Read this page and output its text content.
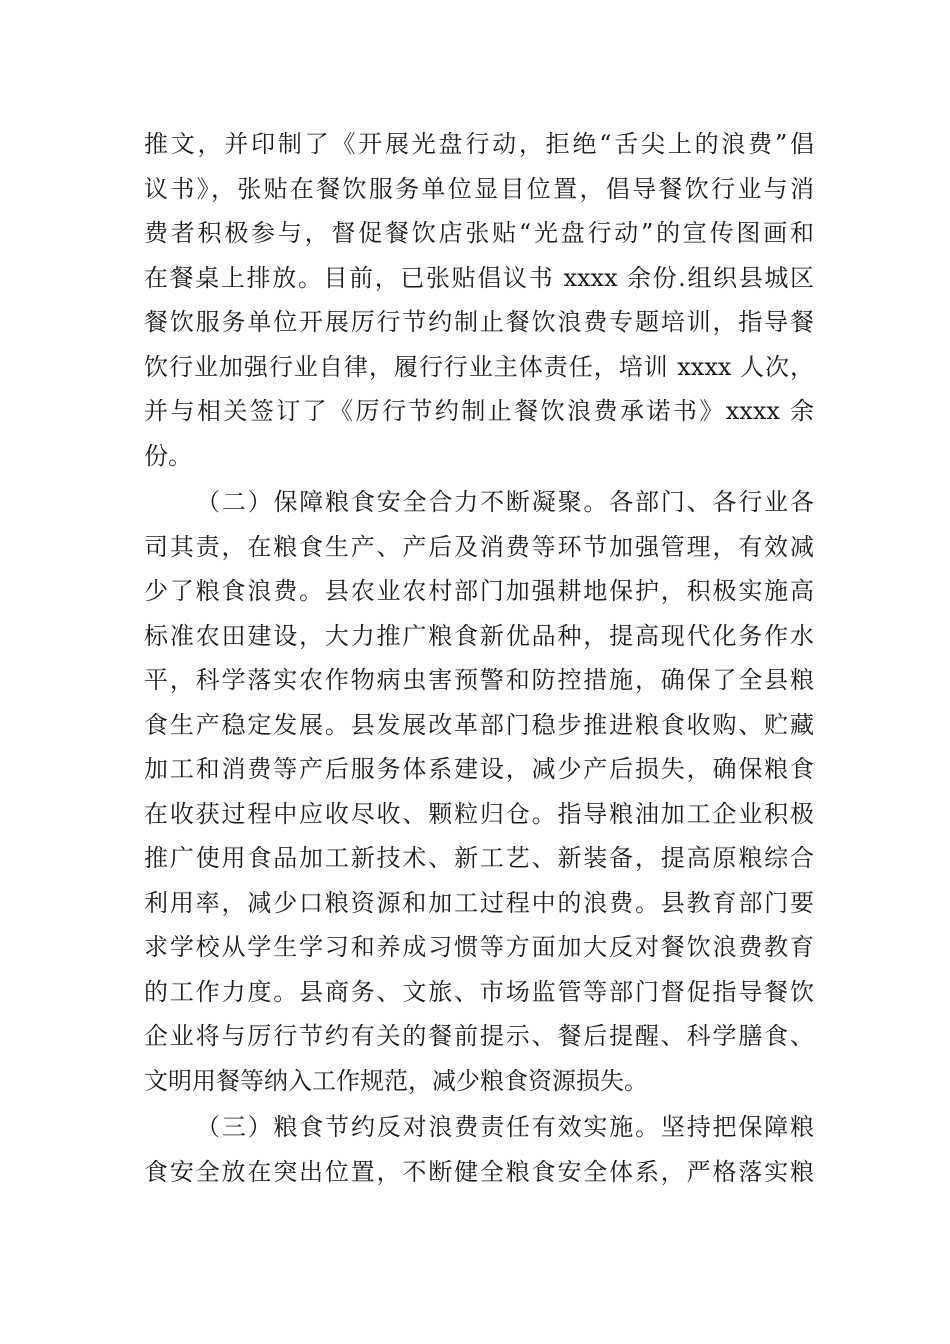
推文，并印制了《开展光盘行动，拒绝“舌尖上的浪费”倡
议书》，张贴在餐饮服务单位显目位置，倡导餐饮行业与消
费者积极参与，督促餐饮店张贴“光盘行动”的宣传图画和
在餐桌上排放。目前，已张贴倡议书 xxxx 余份.组织县城区
餐饮服务单位开展厉行节约制止餐饮浪费专题培训，指导餐
饮行业加强行业自律，履行行业主体责任，培训 xxxx 人次，
并与相关签订了《厉行节约制止餐饮浪费承诺书》xxxx 余
份。
（二）保障粮食安全合力不断凝聚。各部门、各行业各
司其责，在粮食生产、产后及消费等环节加强管理，有效减
少了粮食浪费。县农业农村部门加强耕地保护，积极实施高
标准农田建设，大力推广粮食新优品种，提高现代化务作水
平，科学落实农作物病虫害预警和防控措施，确保了全县粮
食生产稳定发展。县发展改革部门稳步推进粮食收购、贮藏
加工和消费等产后服务体系建设，减少产后损失，确保粮食
在收获过程中应收尽收、颗粒归仓。指导粮油加工企业积极
推广使用食品加工新技术、新工艺、新装备，提高原粮综合
利用率，减少口粮资源和加工过程中的浪费。县教育部门要
求学校从学生学习和养成习惯等方面加大反对餐饮浪费教育
的工作力度。县商务、文旅、市场监管等部门督促指导餐饮
企业将与厉行节约有关的餐前提示、餐后提醒、科学膳食、
文明用餐等纳入工作规范，减少粮食资源损失。
（三）粮食节约反对浪费责任有效实施。坚持把保障粮
食安全放在突出位置，不断健全粮食安全体系，严格落实粮
